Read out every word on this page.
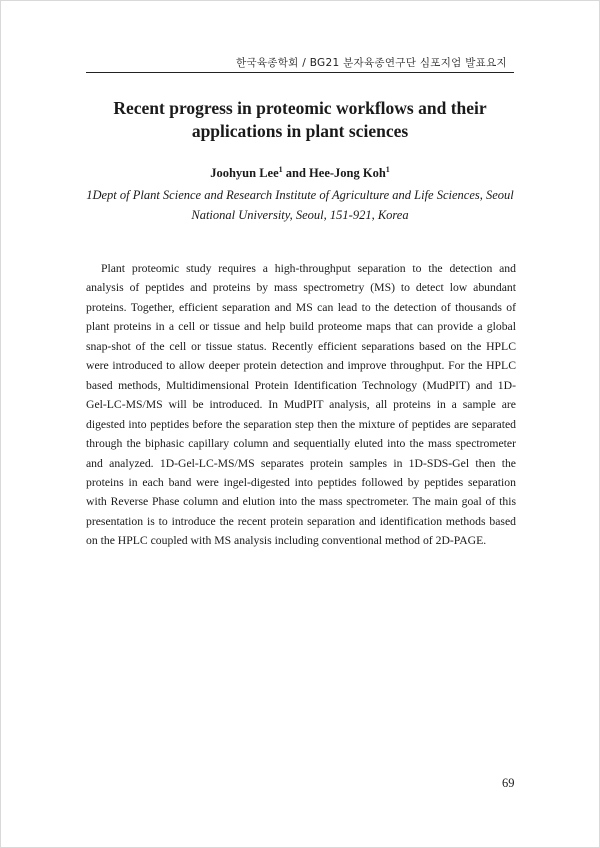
한국육종학회 / BG21 분자육종연구단 심포지엄 발표요지
Recent progress in proteomic workflows and their applications in plant sciences
Joohyun Lee$^1$ and Hee-Jong Koh$^1$
1Dept of Plant Science and Research Institute of Agriculture and Life Sciences, Seoul
National University, Seoul, 151-921, Korea

Plant proteomic study requires a high-throughput separation to the detection and analysis of peptides and proteins by mass spectrometry (MS) to detect low abundant proteins. Together, efficient separation and MS can lead to the detection of thousands of plant proteins in a cell or tissue and help build proteome maps that can provide a global snap-shot of the cell or tissue status. Recently efficient separations based on the HPLC were introduced to allow deeper protein detection and improve throughput. For the HPLC based methods, Multidimensional Protein Identification Technology (MudPIT) and 1D-Gel-LC-MS/MS will be introduced. In MudPIT analysis, all proteins in a sample are digested into peptides before the separation step then the mixture of peptides are separated through the biphasic capillary column and sequentially eluted into the mass spectrometer and analyzed. 1D-Gel-LC-MS/MS separates protein samples in 1D-SDS-Gel then the proteins in each band were ingel-digested into peptides followed by peptides separation with Reverse Phase column and elution into the mass spectrometer. The main goal of this presentation is to introduce the recent protein separation and identification methods based on the HPLC coupled with MS analysis including conventional method of 2D-PAGE.

69
